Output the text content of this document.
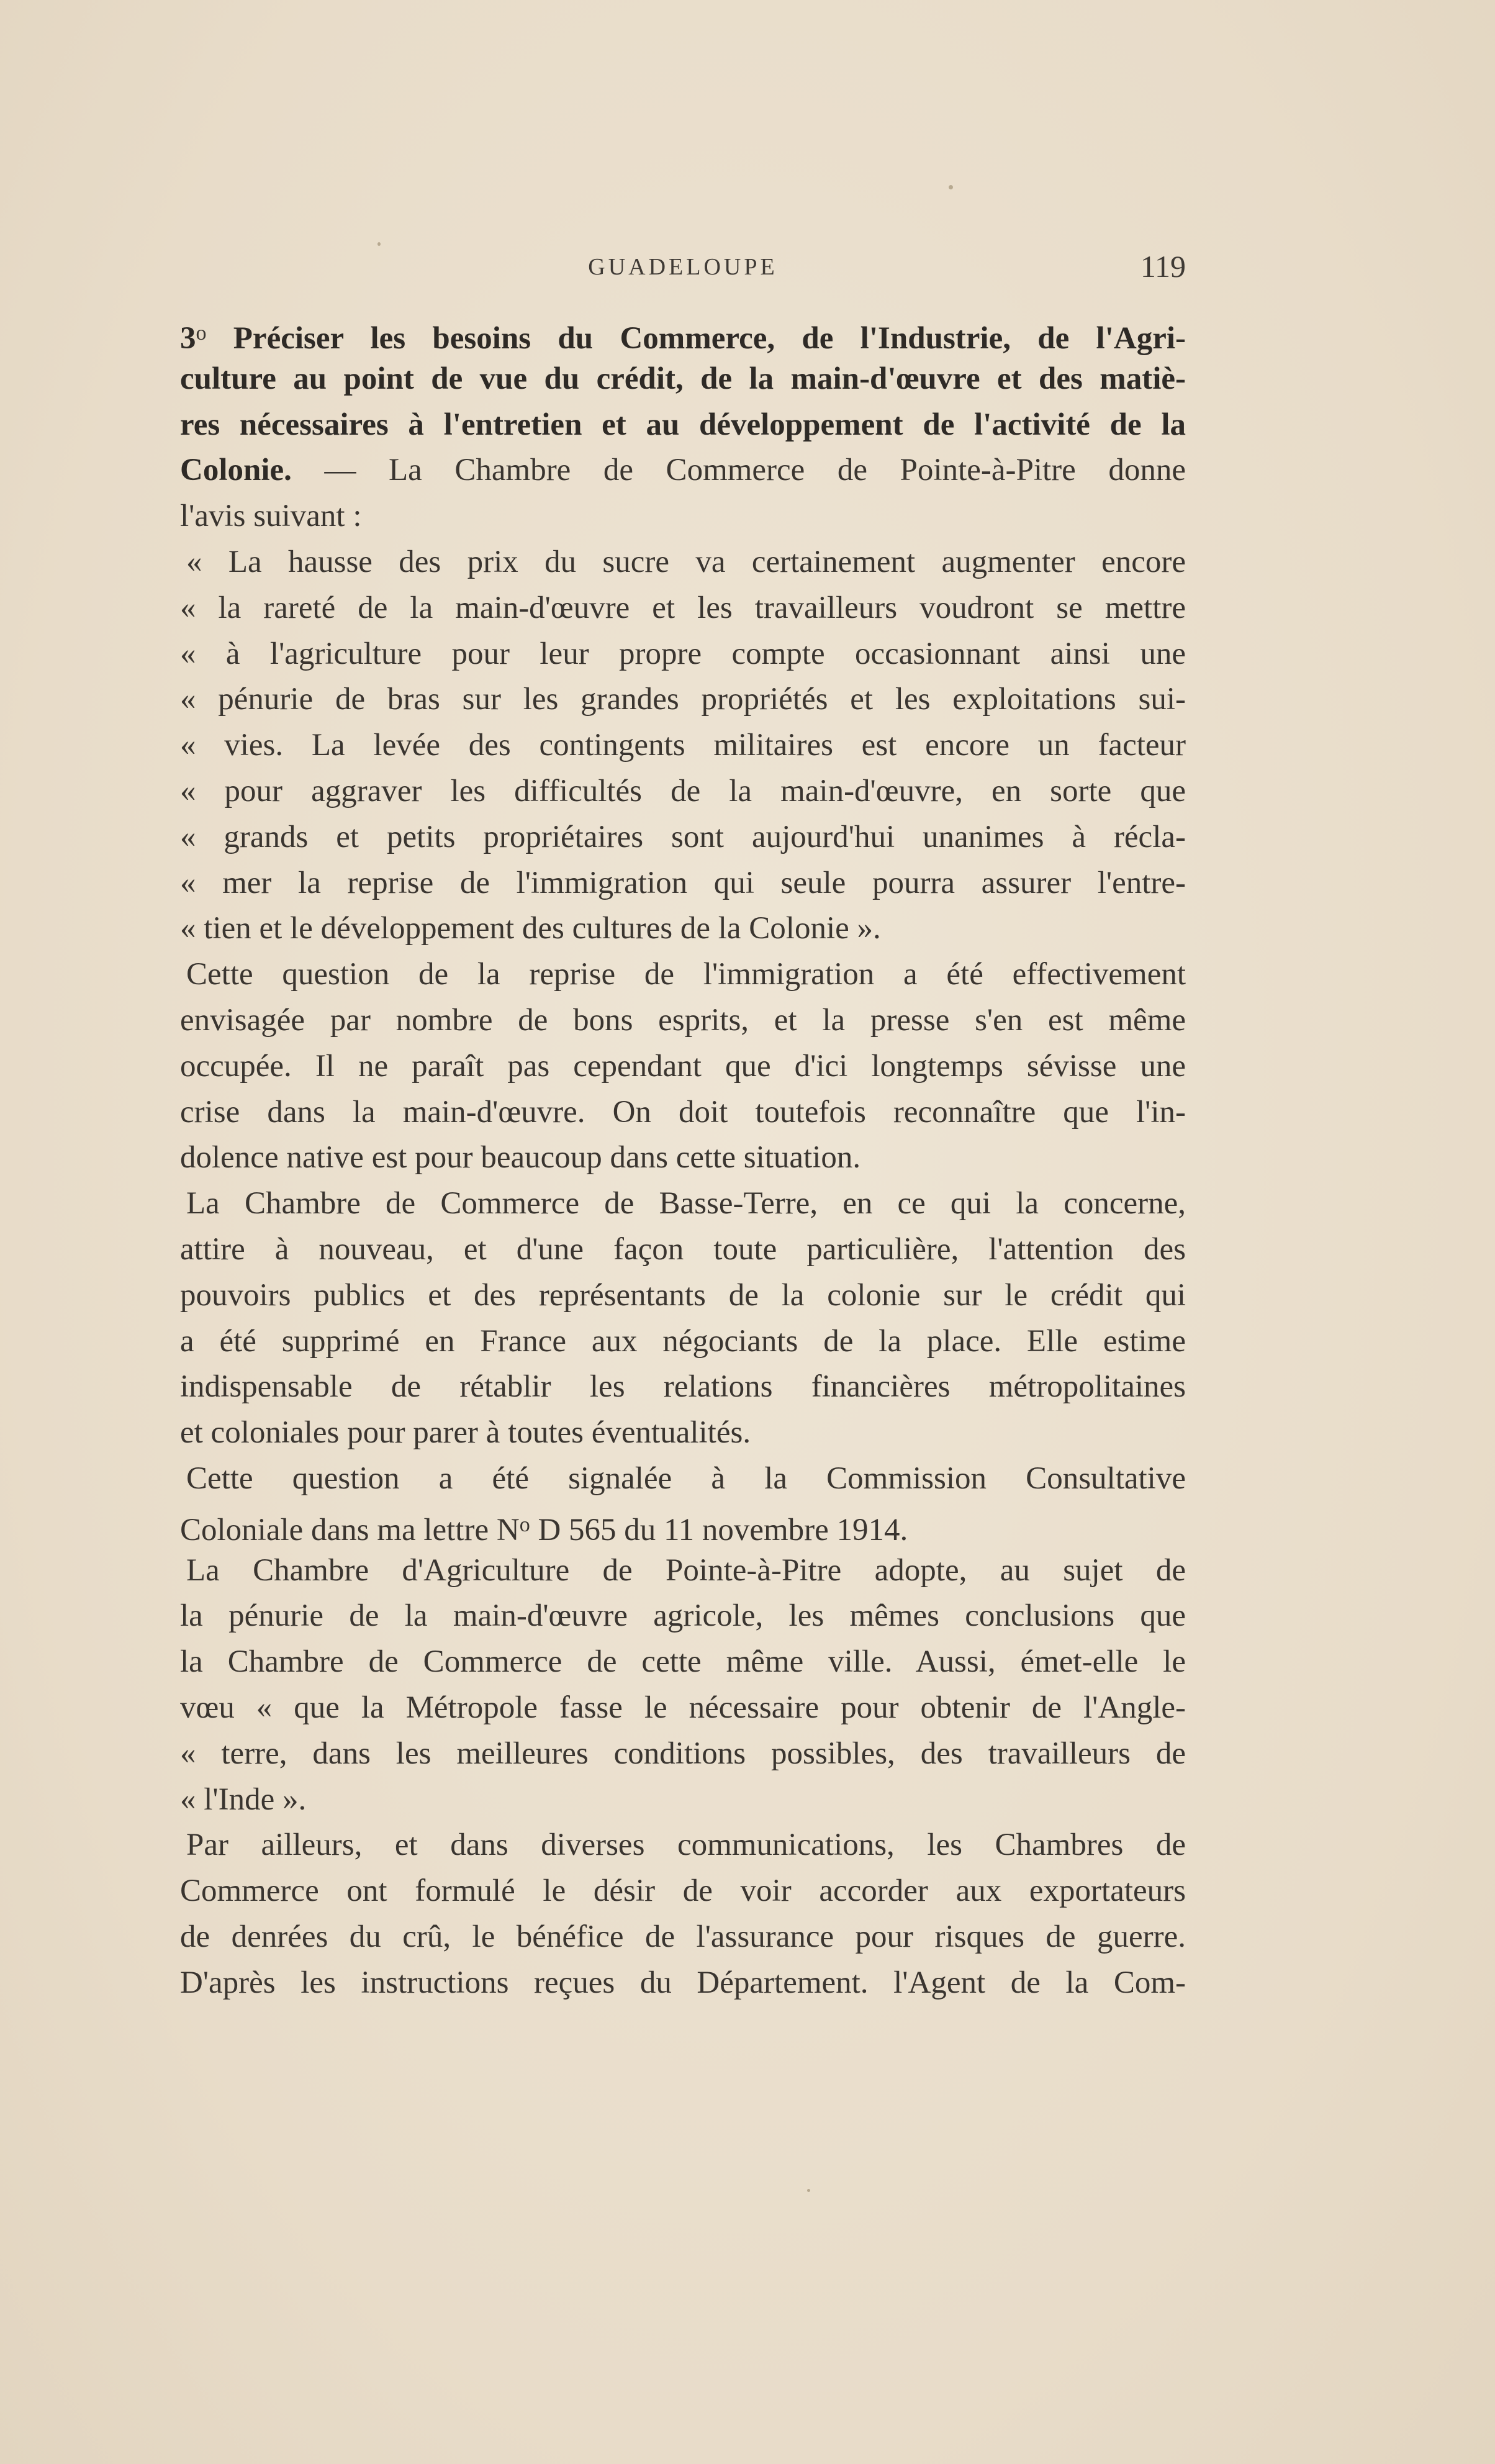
GUADELOUPE	119
3$^o$ Préciser les besoins du Commerce, de l'Industrie, de l'Agri-
culture au point de vue du crédit, de la main-d'œuvre et des matiè-
res nécessaires à l'entretien et au développement de l'activité de la
Colonie. — La Chambre de Commerce de Pointe-à-Pitre donne
l'avis suivant :
« La hausse des prix du sucre va certainement augmenter encore
« la rareté de la main-d'œuvre et les travailleurs voudront se mettre
« à l'agriculture pour leur propre compte occasionnant ainsi une
« pénurie de bras sur les grandes propriétés et les exploitations sui-
« vies. La levée des contingents militaires est encore un facteur
« pour aggraver les difficultés de la main-d'œuvre, en sorte que
« grands et petits propriétaires sont aujourd'hui unanimes à récla-
« mer la reprise de l'immigration qui seule pourra assurer l'entre-
« tien et le développement des cultures de la Colonie ».
Cette question de la reprise de l'immigration a été effectivement
envisagée par nombre de bons esprits, et la presse s'en est même
occupée. Il ne paraît pas cependant que d'ici longtemps sévisse une
crise dans la main-d'œuvre. On doit toutefois reconnaître que l'in-
dolence native est pour beaucoup dans cette situation.
La Chambre de Commerce de Basse-Terre, en ce qui la concerne,
attire à nouveau, et d'une façon toute particulière, l'attention des
pouvoirs publics et des représentants de la colonie sur le crédit qui
a été supprimé en France aux négociants de la place. Elle estime
indispensable de rétablir les relations financières métropolitaines
et coloniales pour parer à toutes éventualités.
Cette question a été signalée à la Commission Consultative
Coloniale dans ma lettre $N^o$ D 565 du 11 novembre 1914.
La Chambre d'Agriculture de Pointe-à-Pitre adopte, au sujet de
la pénurie de la main-d'œuvre agricole, les mêmes conclusions que
la Chambre de Commerce de cette même ville. Aussi, émet-elle le
vœu « que la Métropole fasse le nécessaire pour obtenir de l'Angle-
« terre, dans les meilleures conditions possibles, des travailleurs de
« l'Inde ».
Par ailleurs, et dans diverses communications, les Chambres de
Commerce ont formulé le désir de voir accorder aux exportateurs
de denrées du crû, le bénéfice de l'assurance pour risques de guerre.
D'après les instructions reçues du Département. l'Agent de la Com-
